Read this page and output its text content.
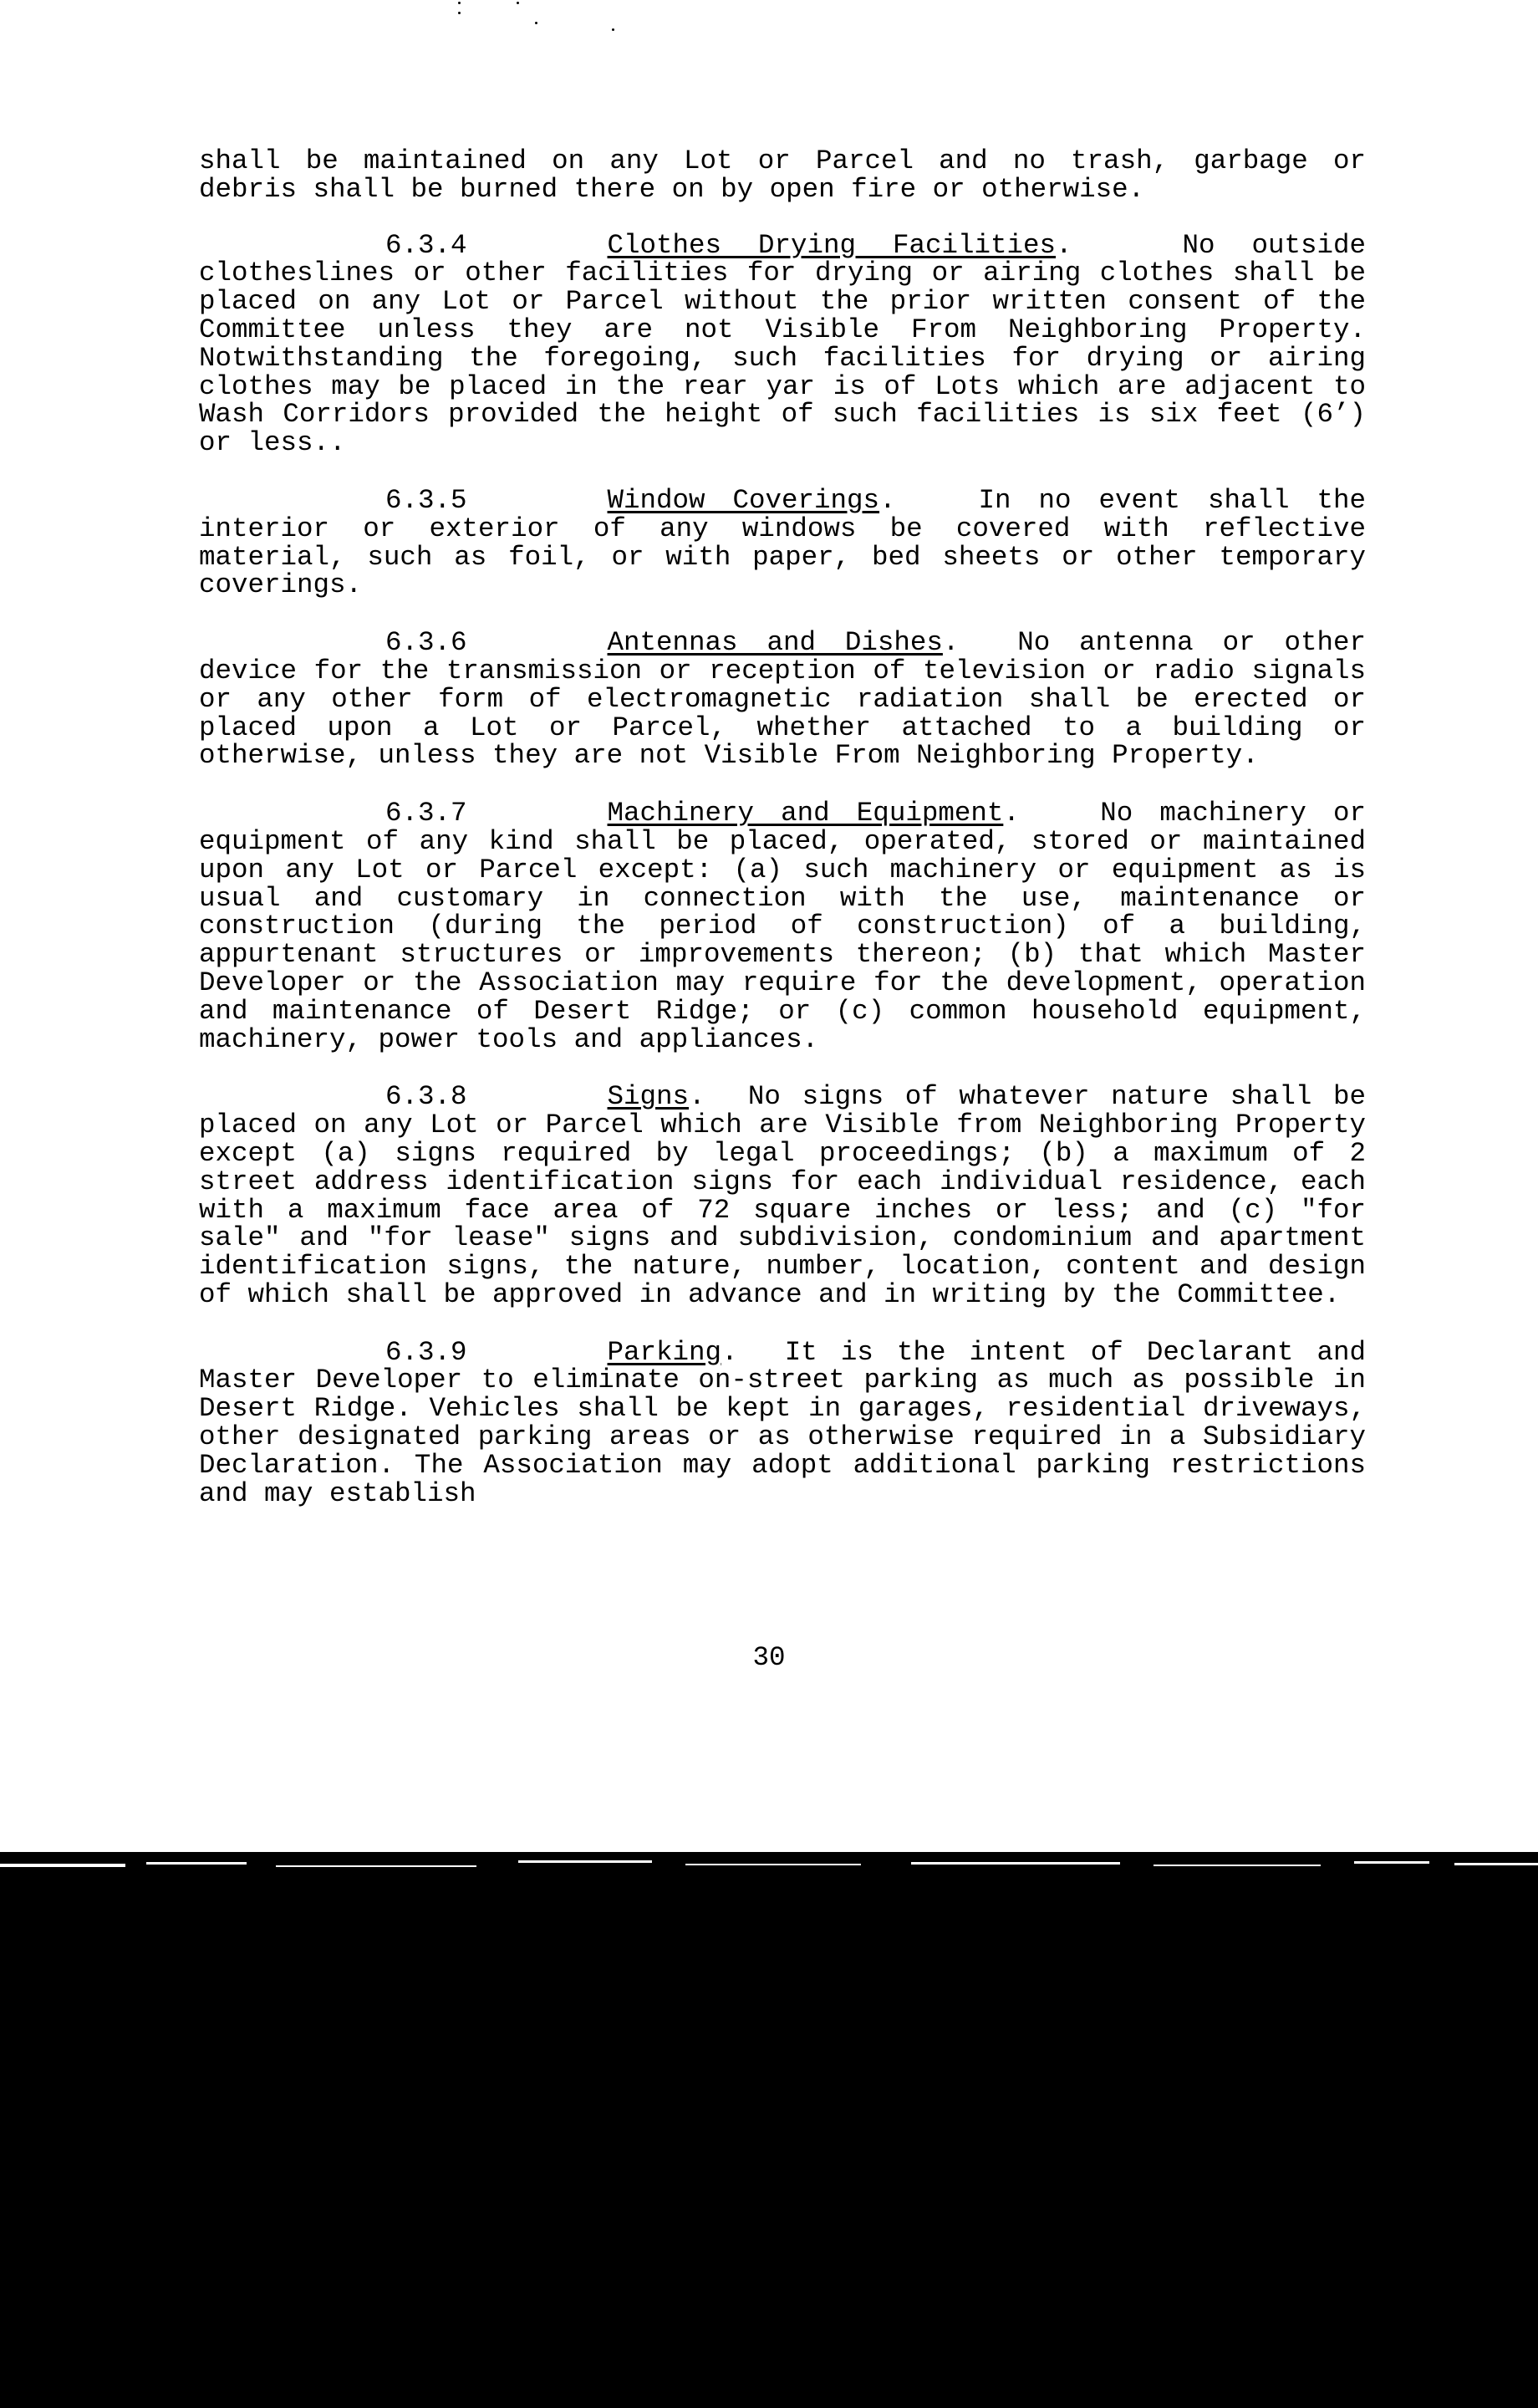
shall be maintained on any Lot or Parcel and no trash, garbage or debris shall be burned there on by open fire or otherwise.

6.3.4	Clothes Drying Facilities.   No outside clotheslines or other facilities for drying or airing clothes shall be placed on any Lot or Parcel without the prior written consent of the Committee unless they are not Visible From Neighboring Property. Notwithstanding the foregoing, such facilities for drying or airing clothes may be placed in the rear yar is of Lots which are adjacent to Wash Corridors provided the height of such facilities is six feet (6’) or less..

6.3.5	Window Coverings.   In no event shall the interior or exterior of any windows be covered with reflective material, such as foil, or with paper, bed sheets or other temporary coverings.

6.3.6	Antennas and Dishes.  No antenna or other device for the transmission or reception of television or radio signals or any other form of electromagnetic radiation shall be erected or placed upon a Lot or Parcel, whether attached to a building or otherwise, unless they are not Visible From Neighboring Property.

6.3.7	Machinery and Equipment.   No machinery or equipment of any kind shall be placed, operated, stored or maintained upon any Lot or Parcel except: (a) such machinery or equipment as is usual and customary in connection with the use, maintenance or construction (during the period of construction) of a building, appurtenant structures or improvements thereon; (b) that which Master Developer or the Association may require for the development, operation and maintenance of Desert Ridge; or (c) common household equipment, machinery, power tools and appliances.

6.3.8	Signs.  No signs of whatever nature shall be placed on any Lot or Parcel which are Visible from Neighboring Property except (a) signs required by legal proceedings; (b) a maximum of 2 street address identification signs for each individual residence, each with a maximum face area of 72 square inches or less; and (c) "for sale" and "for lease" signs and subdivision, condominium and apartment identification signs, the nature, number, location, content and design of which shall be approved in advance and in writing by the Committee.

6.3.9	Parking.  It is the intent of Declarant and Master Developer to eliminate on-street parking as much as possible in Desert Ridge. Vehicles shall be kept in garages, residential driveways, other designated parking areas or as otherwise required in a Subsidiary Declaration. The Association may adopt additional parking restrictions and may establish

30
